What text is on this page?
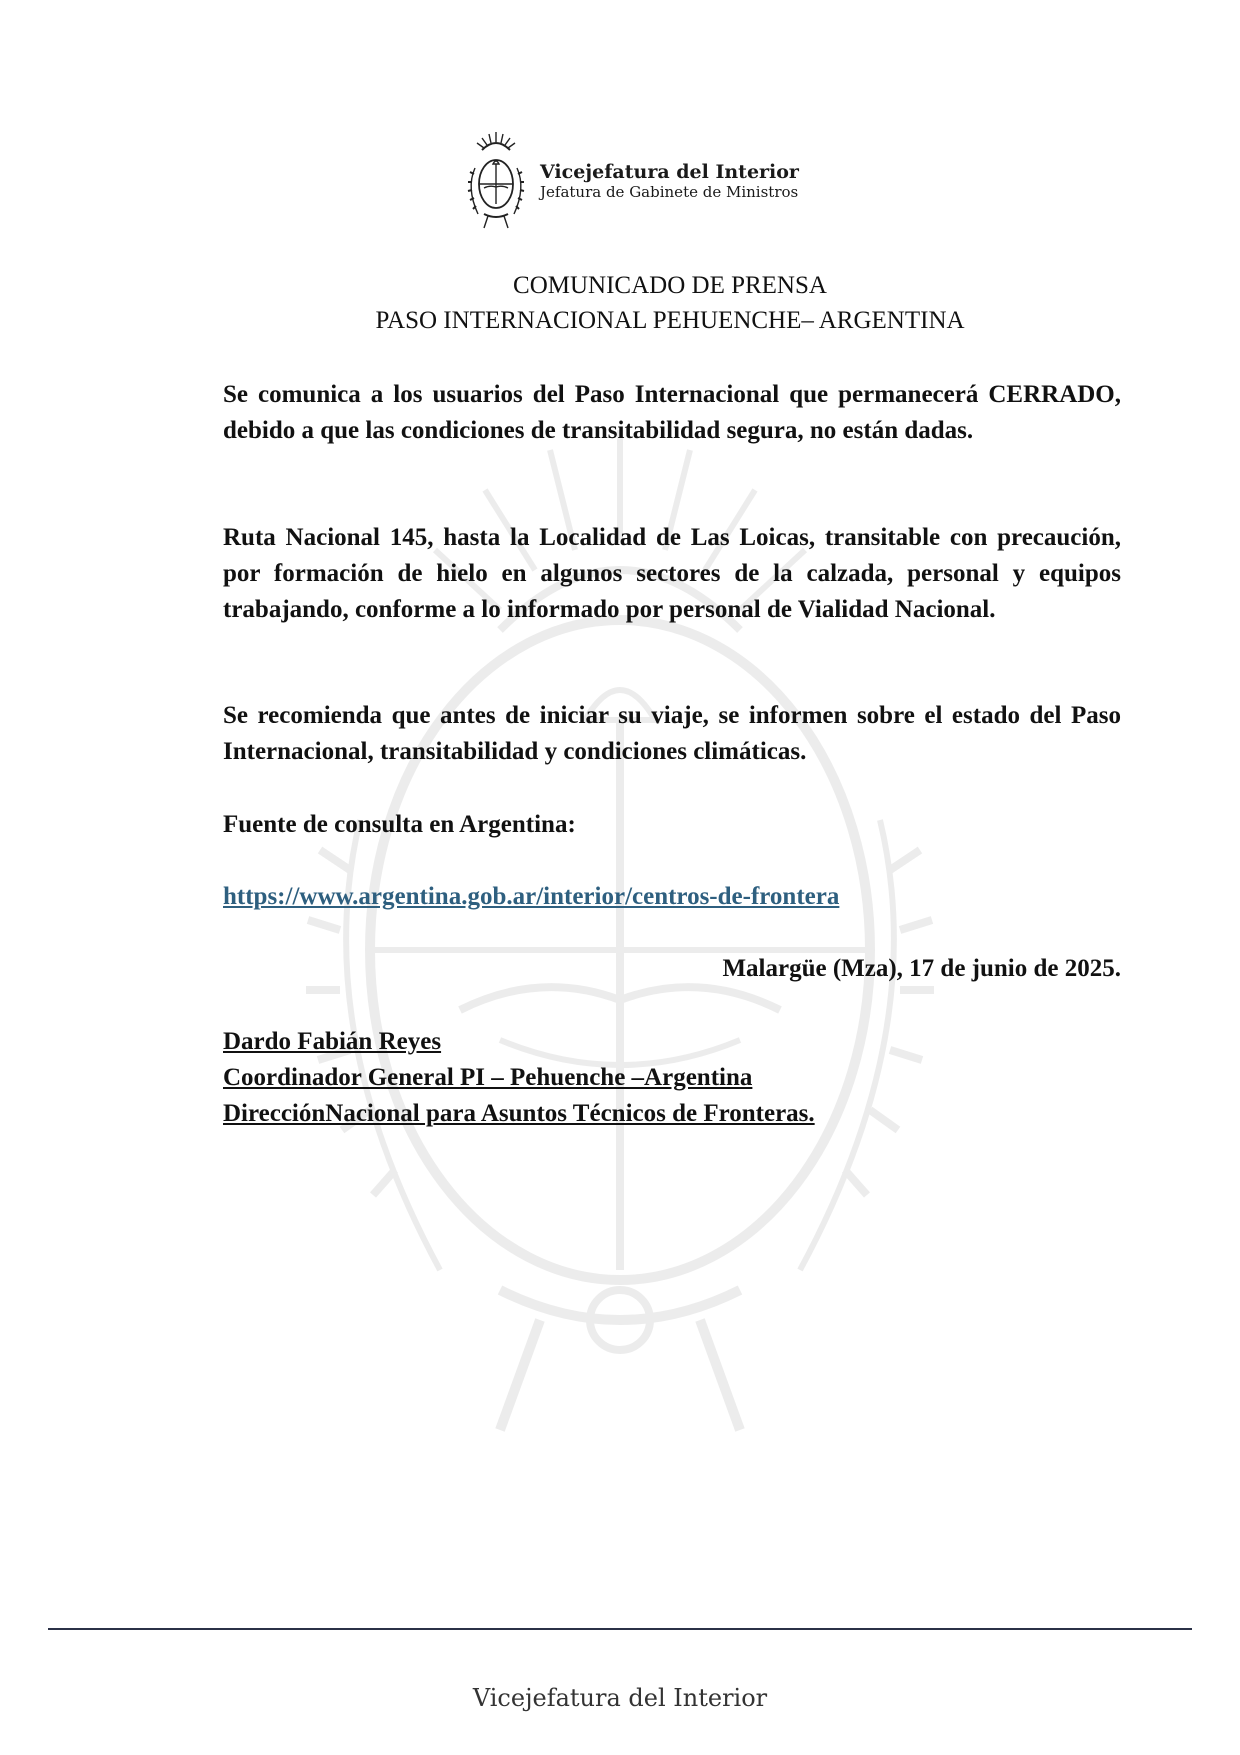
Vicejefatura del Interior
Jefatura de Gabinete de Ministros
COMUNICADO DE PRENSA
PASO INTERNACIONAL PEHUENCHE– ARGENTINA
Se comunica a los usuarios del Paso Internacional que permanecerá CERRADO, debido a que las condiciones de transitabilidad segura, no están dadas.
Ruta Nacional 145, hasta la Localidad de Las Loicas, transitable con precaución, por formación de hielo en algunos sectores de la calzada, personal y equipos trabajando, conforme a lo informado por personal de Vialidad Nacional.
Se recomienda que antes de iniciar su viaje, se informen sobre el estado del Paso Internacional, transitabilidad y condiciones climáticas.
Fuente de consulta en Argentina:
https://www.argentina.gob.ar/interior/centros-de-frontera
Malargüe (Mza), 17 de junio de 2025.
Dardo Fabián Reyes
Coordinador General PI – Pehuenche –Argentina
DirecciónNacional para Asuntos Técnicos de Fronteras.
Vicejefatura del Interior
